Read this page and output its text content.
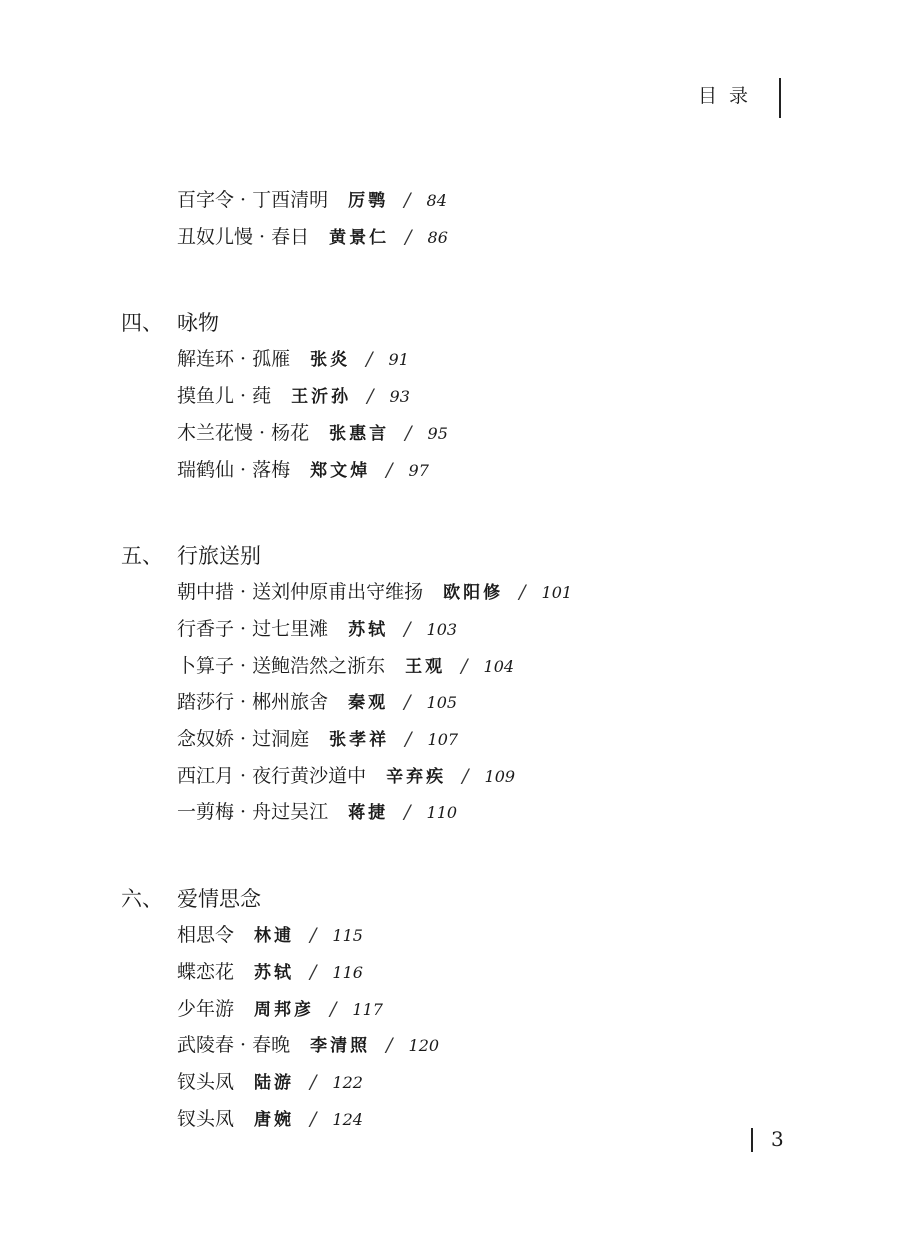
目录
百字令 · 丁酉清明 厉鹗 / 84
丑奴儿慢 · 春日 黄景仁 / 86
四、 咏物
解连环 · 孤雁 张炎 / 91
摸鱼儿 · 莼 王沂孙 / 93
木兰花慢 · 杨花 张惠言 / 95
瑞鹤仙 · 落梅 郑文焯 / 97
五、 行旅送别
朝中措 · 送刘仲原甫出守维扬 欧阳修 / 101
行香子 · 过七里滩 苏轼 / 103
卜算子 · 送鲍浩然之浙东 王观 / 104
踏莎行 · 郴州旅舍 秦观 / 105
念奴娇 · 过洞庭 张孝祥 / 107
西江月 · 夜行黄沙道中 辛弃疾 / 109
一剪梅 · 舟过吴江 蒋捷 / 110
六、 爱情思念
相思令 林逋 / 115
蝶恋花 苏轼 / 116
少年游 周邦彦 / 117
武陵春 · 春晚 李清照 / 120
钗头凤 陆游 / 122
钗头凤 唐婉 / 124
3
